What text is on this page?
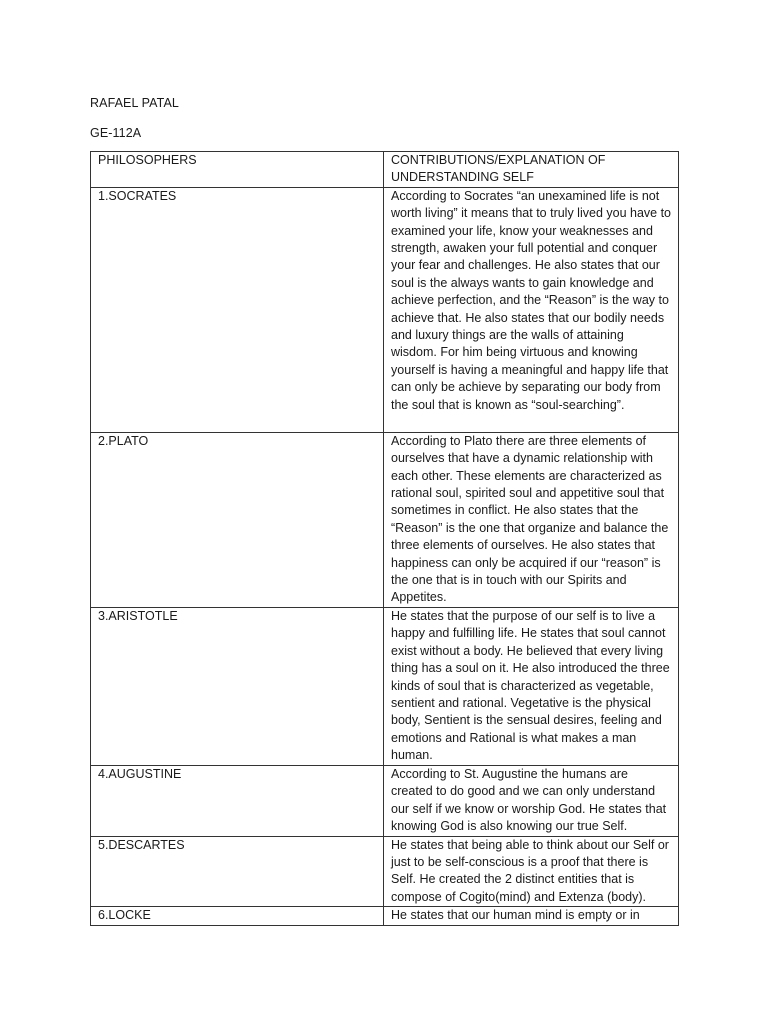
RAFAEL PATAL
GE-112A
PHILOSOPHERS	CONTRIBUTIONS/EXPLANATION OF UNDERSTANDING SELF
1.SOCRATES	According to Socrates “an unexamined life is not worth living” it means that to truly lived you have to examined your life, know your weaknesses and strength, awaken your full potential and conquer your fear and challenges. He also states that our soul is the always wants to gain knowledge and achieve perfection, and the “Reason” is the way to achieve that. He also states that our bodily needs and luxury things are the walls of attaining wisdom. For him being virtuous and knowing yourself is having a meaningful and happy life that can only be achieve by separating our body from the soul that is known as “soul-searching”.
2.PLATO	According to Plato there are three elements of ourselves that have a dynamic relationship with each other. These elements are characterized as rational soul, spirited soul and appetitive soul that sometimes in conflict. He also states that the “Reason” is the one that organize and balance the three elements of ourselves. He also states that happiness can only be acquired if our “reason” is the one that is in touch with our Spirits and Appetites.
3.ARISTOTLE	He states that the purpose of our self is to live a happy and fulfilling life. He states that soul cannot exist without a body. He believed that every living thing has a soul on it. He also introduced the three kinds of soul that is characterized as vegetable, sentient and rational. Vegetative is the physical body, Sentient is the sensual desires, feeling and emotions and Rational is what makes a man human.
4.AUGUSTINE	According to St. Augustine the humans are created to do good and we can only understand our self if we know or worship God. He states that knowing God is also knowing our true Self.
5.DESCARTES	He states that being able to think about our Self or just to be self-conscious is a proof that there is Self. He created the 2 distinct entities that is compose of Cogito(mind) and Extenza (body).
6.LOCKE	He states that our human mind is empty or in
